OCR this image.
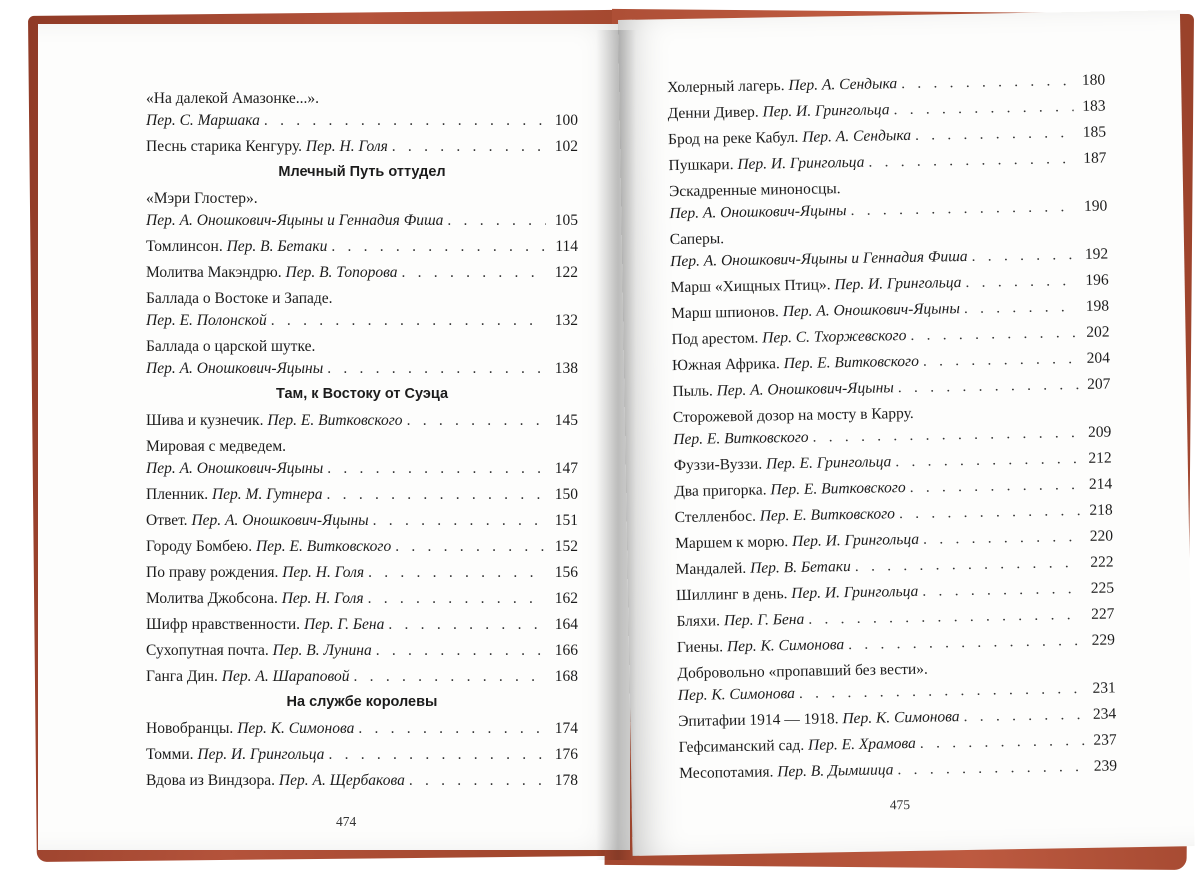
«На далекой Амазонке...».
Пер. С. Маршака . . .	100
Песнь старика Кенгуру.
Пер. Н. Голя . . .	102
Млечный Путь оттудел
«Мэри Глостер».
Пер. А. Оношкович-Яцыны и Геннадия Фиша . . .	105
Томлинсон.
Пер. В. Бетаки . . .	114
Молитва Макэндрю.
Пер. В. Топорова . . .	122
Баллада о Востоке и Западе.
Пер. Е. Полонской . . .	132
Баллада о царской шутке.
Пер. А. Оношкович-Яцыны . . .	138
Там, к Востоку от Суэца
Шива и кузнечик.
Пер. Е. Витковского . . .	145
Мировая с медведем.
Пер. А. Оношкович-Яцыны . . .	147
Пленник.
Пер. М. Гутнера . . .	150
Ответ.
Пер. А. Оношкович-Яцыны . . .	151
Городу Бомбею.
Пер. Е. Витковского . . .	152
По праву рождения.
Пер. Н. Голя . . .	156
Молитва Джобсона.
Пер. Н. Голя . . .	162
Шифр нравственности.
Пер. Г. Бена . . .	164
Сухопутная почта.
Пер. В. Лунина . . .	166
Ганга Дин.
Пер. А. Шараповой . . .	168
На службе королевы
Новобранцы.
Пер. К. Симонова . . .	174
Томми.
Пер. И. Грингольца . . .	176
Вдова из Виндзора.
Пер. А. Щербакова . . .	178
474
Холерный лагерь.
Пер. А. Сендыка . . .	180
Денни Дивер.
Пер. И. Грингольца . . .	183
Брод на реке Кабул.
Пер. А. Сендыка . . .	185
Пушкари.
Пер. И. Грингольца . . .	187
Эскадренные миноносцы.
Пер. А. Оношкович-Яцыны . . .	190
Саперы.
Пер. А. Оношкович-Яцыны и Геннадия Фиша . . .	192
Марш «Хищных Птиц».
Пер. И. Грингольца . . .	196
Марш шпионов.
Пер. А. Оношкович-Яцыны . . .	198
Под арестом.
Пер. С. Тхоржевского . . .	202
Южная Африка.
Пер. Е. Витковского . . .	204
Пыль.
Пер. А. Оношкович-Яцыны . . .	207
Сторожевой дозор на мосту в Карру.
Пер. Е. Витковского . . .	209
Фуззи-Вуззи.
Пер. Е. Грингольца . . .	212
Два пригорка.
Пер. Е. Витковского . . .	214
Стелленбос.
Пер. Е. Витковского . . .	218
Маршем к морю.
Пер. И. Грингольца . . .	220
Мандалей.
Пер. В. Бетаки . . .	222
Шиллинг в день.
Пер. И. Грингольца . . .	225
Бляхи.
Пер. Г. Бена . . .	227
Гиены.
Пер. К. Симонова . . .	229
Добровольно «пропавший без вести».
Пер. К. Симонова . . .	231
Эпитафии 1914 — 1918.
Пер. К. Симонова . . .	234
Гефсиманский сад.
Пер. Е. Храмова . . .	237
Месопотамия.
Пер. В. Дымшица . . .	239
475
